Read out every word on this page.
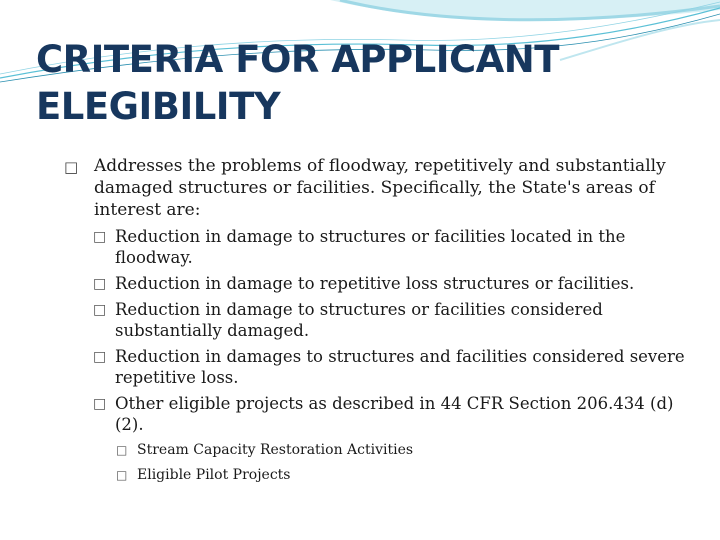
CRITERIA FOR APPLICANT
ELEGIBILITY
□ Addresses the problems of floodway, repetitively and substantially damaged structures or facilities. Specifically, the State's areas of interest are:
□ Reduction in damage to structures or facilities located in the floodway.
□ Reduction in damage to repetitive loss structures or facilities.
□ Reduction in damage to structures or facilities considered substantially damaged.
□ Reduction in damages to structures and facilities considered severe repetitive loss.
□ Other eligible projects as described in 44 CFR Section 206.434 (d)(2).
□ Stream Capacity Restoration Activities
□ Eligible Pilot Projects
